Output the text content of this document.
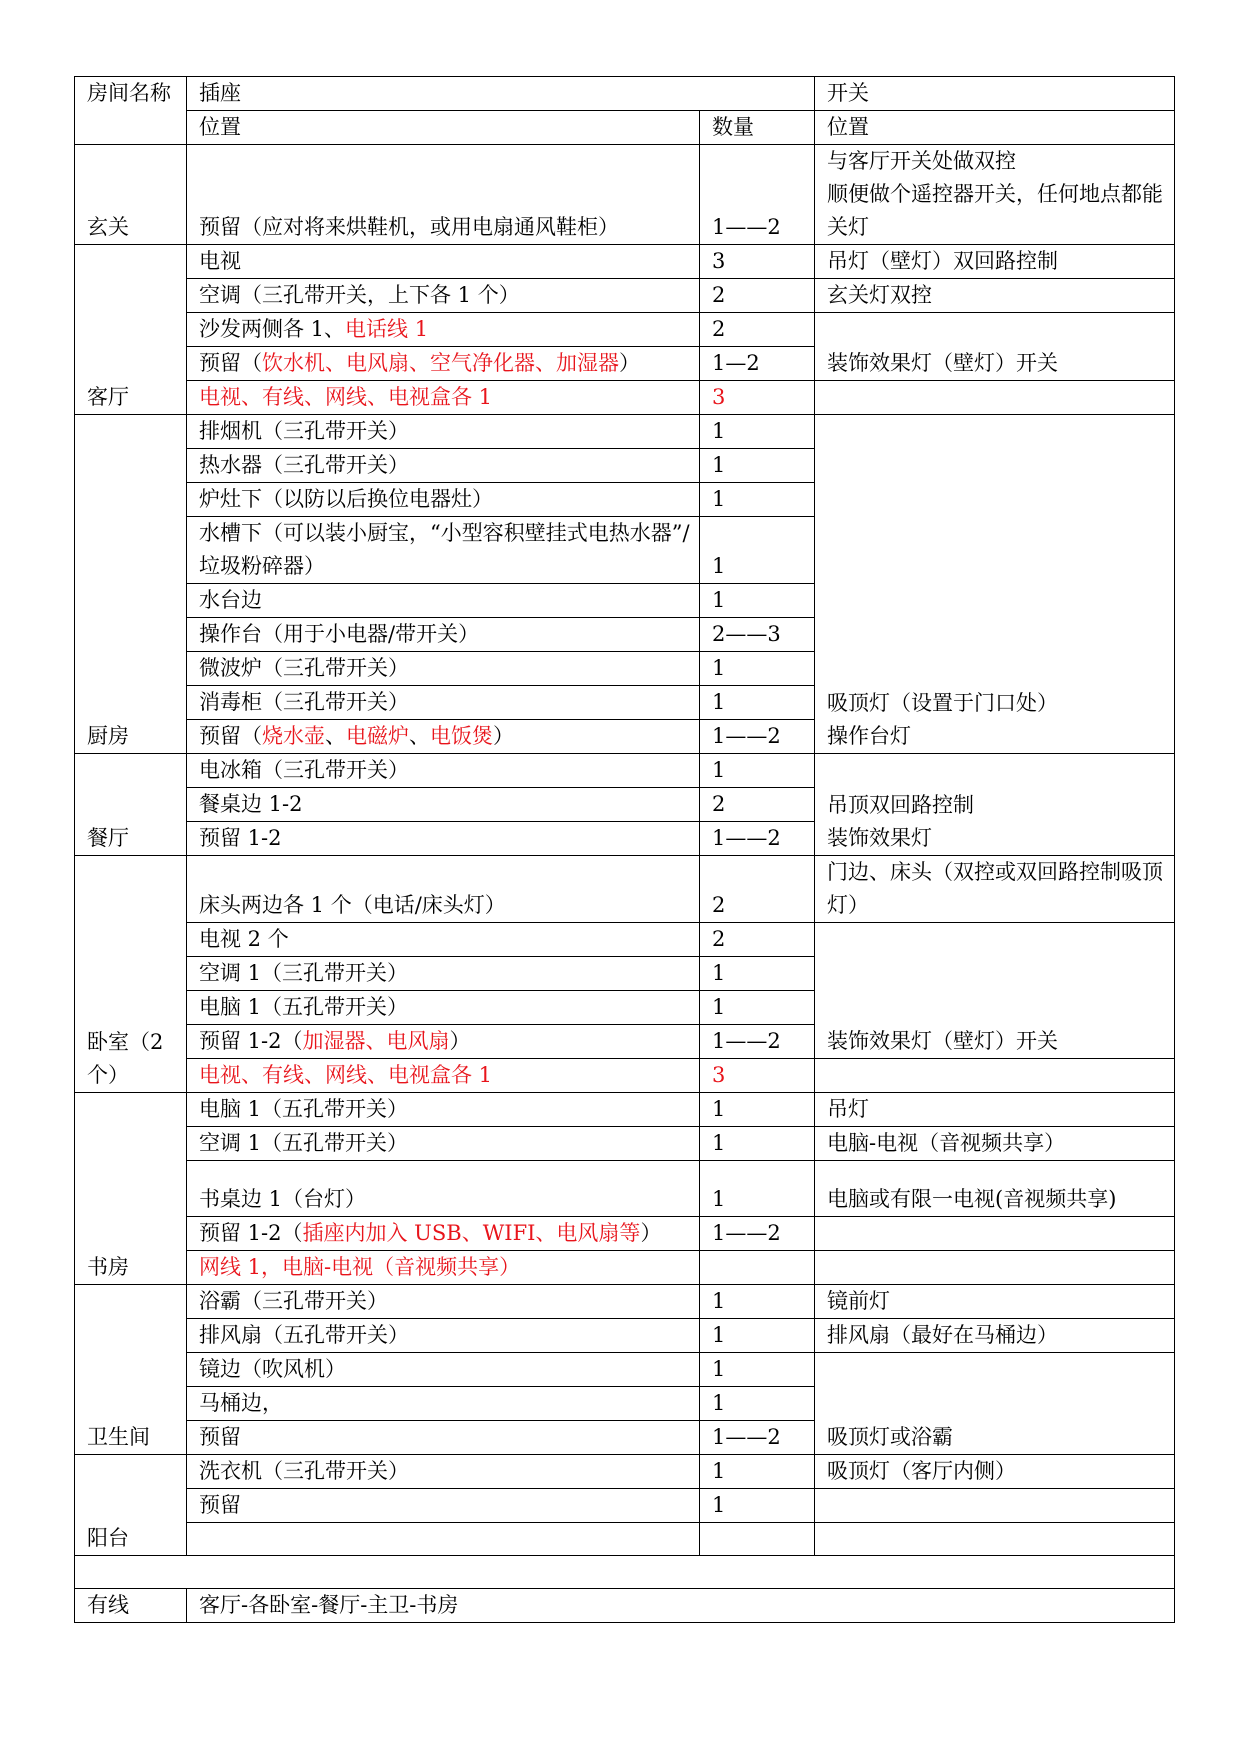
房间名称	插座		开关
	位置	数量	位置
玄关	预留（应对将来烘鞋机，或用电扇通风鞋柜）	1——2	与客厅开关处做双控
顺便做个遥控器开关，任何地点都能关灯
客厅	电视	3	吊灯（壁灯）双回路控制
	空调（三孔带开关，上下各 1 个）	2	玄关灯双控
	沙发两侧各 1、电话线 1	2	装饰效果灯（壁灯）开关
	预留（饮水机、电风扇、空气净化器、加湿器）	1—2	
	电视、有线、网线、电视盒各 1	3	
厨房	排烟机（三孔带开关）	1	吸顶灯（设置于门口处）
操作台灯
	热水器（三孔带开关）	1	
	炉灶下（以防以后换位电器灶）	1	
	水槽下（可以装小厨宝，“小型容积壁挂式电热水器”/垃圾粉碎器）	1	
	水台边	1	
	操作台（用于小电器/带开关）	2——3	
	微波炉（三孔带开关）	1	
	消毒柜（三孔带开关）	1	
	预留（烧水壶、电磁炉、电饭煲）	1——2	
餐厅	电冰箱（三孔带开关）	1	吊顶双回路控制
装饰效果灯
	餐桌边 1-2	2	
	预留 1-2	1——2	
卧室（2个）	床头两边各 1 个（电话/床头灯）	2	门边、床头（双控或双回路控制吸顶灯）
	电视 2 个	2	装饰效果灯（壁灯）开关
	空调 1（三孔带开关）	1	
	电脑 1（五孔带开关）	1	
	预留 1-2（加湿器、电风扇）	1——2	
	电视、有线、网线、电视盒各 1	3	
书房	电脑 1（五孔带开关）	1	吊灯
	空调 1（五孔带开关）	1	电脑-电视（音视频共享）
	书桌边 1（台灯）	1	电脑或有限一电视(音视频共享)
	预留 1-2（插座内加入 USB、WIFI、电风扇等）	1——2	
	网线 1，电脑-电视（音视频共享）		
卫生间	浴霸（三孔带开关）	1	镜前灯
	排风扇（五孔带开关）	1	排风扇（最好在马桶边）
	镜边（吹风机）	1	吸顶灯或浴霸
	马桶边，	1	
	预留	1——2	
阳台	洗衣机（三孔带开关）	1	吸顶灯（客厅内侧）
	预留	1	

有线	客厅-各卧室-餐厅-主卫-书房		
